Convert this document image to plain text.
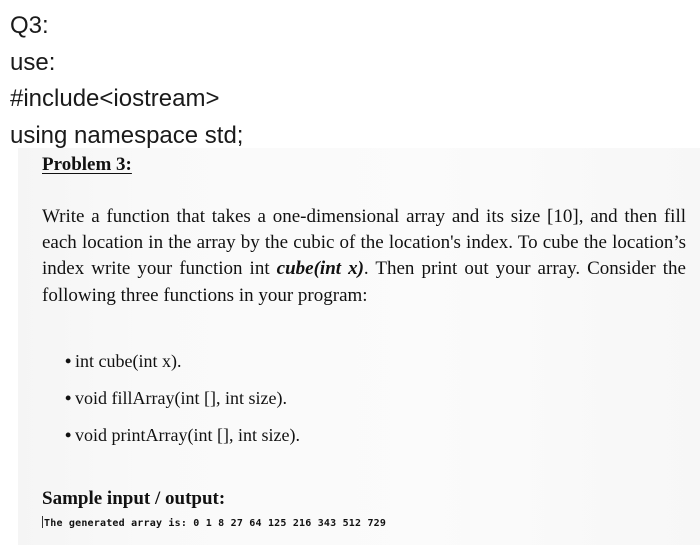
Q3:
use:
#include<iostream>
using namespace std;
Problem 3:
Write a function that takes a one-dimensional array and its size [10], and then fill each location in the array by the cubic of the location's index. To cube the location’s index write your function int cube(int x). Then print out your array. Consider the following three functions in your program:
• int cube(int x).
• void fillArray(int [], int size).
• void printArray(int [], int size).
Sample input / output:
The generated array is: 0 1 8 27 64 125 216 343 512 729
